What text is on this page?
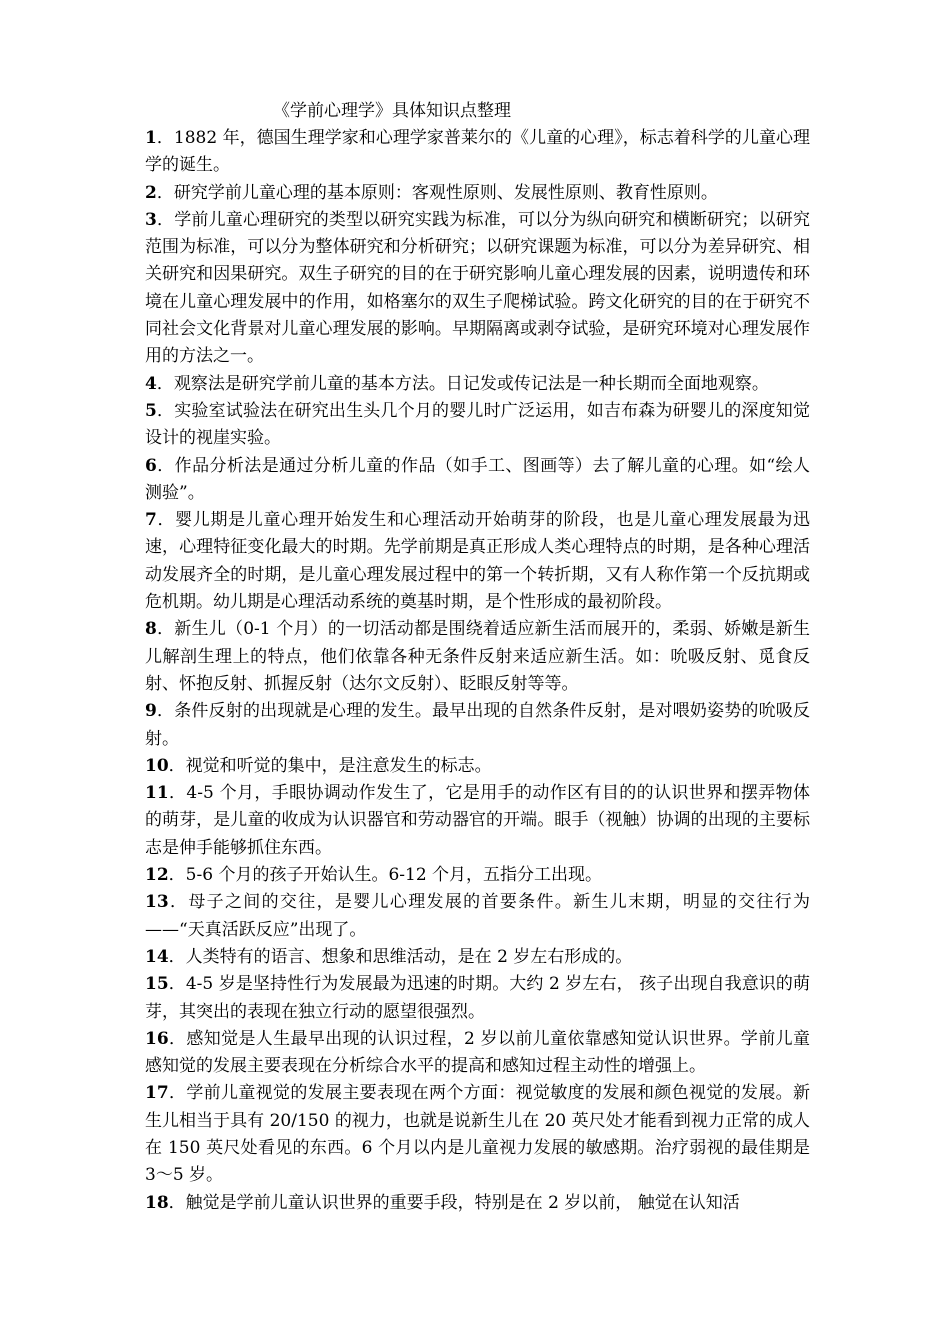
《学前心理学》具体知识点整理

1．1882 年，德国生理学家和心理学家普莱尔的《儿童的心理》，标志着科学的儿童心理学的诞生。

2．研究学前儿童心理的基本原则：客观性原则、发展性原则、教育性原则。

3．学前儿童心理研究的类型以研究实践为标准，可以分为纵向研究和横断研究；以研究范围为标准，可以分为整体研究和分析研究；以研究课题为标准，可以分为差异研究、相关研究和因果研究。双生子研究的目的在于研究影响儿童心理发展的因素，说明遗传和环境在儿童心理发展中的作用，如格塞尔的双生子爬梯试验。跨文化研究的目的在于研究不同社会文化背景对儿童心理发展的影响。早期隔离或剥夺试验，是研究环境对心理发展作用的方法之一。

4．观察法是研究学前儿童的基本方法。日记发或传记法是一种长期而全面地观察。

5．实验室试验法在研究出生头几个月的婴儿时广泛运用，如吉布森为研婴儿的深度知觉设计的视崖实验。

6．作品分析法是通过分析儿童的作品（如手工、图画等）去了解儿童的心理。如“绘人测验”。

7．婴儿期是儿童心理开始发生和心理活动开始萌芽的阶段，也是儿童心理发展最为迅速，心理特征变化最大的时期。先学前期是真正形成人类心理特点的时期，是各种心理活动发展齐全的时期，是儿童心理发展过程中的第一个转折期，又有人称作第一个反抗期或危机期。幼儿期是心理活动系统的奠基时期，是个性形成的最初阶段。

8．新生儿（0-1 个月）的一切活动都是围绕着适应新生活而展开的，柔弱、娇嫩是新生儿解剖生理上的特点，他们依靠各种无条件反射来适应新生活。如：吮吸反射、觅食反射、怀抱反射、抓握反射（达尔文反射）、眨眼反射等等。

9．条件反射的出现就是心理的发生。最早出现的自然条件反射，是对喂奶姿势的吮吸反射。

10．视觉和听觉的集中，是注意发生的标志。

11．4-5 个月，手眼协调动作发生了，它是用手的动作区有目的的认识世界和摆弄物体的萌芽，是儿童的收成为认识器官和劳动器官的开端。眼手（视触）协调的出现的主要标志是伸手能够抓住东西。

12．5-6 个月的孩子开始认生。6-12 个月，五指分工出现。

13．母子之间的交往，是婴儿心理发展的首要条件。新生儿末期，明显的交往行为——“天真活跃反应”出现了。

14．人类特有的语言、想象和思维活动，是在 2 岁左右形成的。

15．4-5 岁是坚持性行为发展最为迅速的时期。大约 2 岁左右， 孩子出现自我意识的萌芽，其突出的表现在独立行动的愿望很强烈。

16．感知觉是人生最早出现的认识过程，2 岁以前儿童依靠感知觉认识世界。学前儿童感知觉的发展主要表现在分析综合水平的提高和感知过程主动性的增强上。

17．学前儿童视觉的发展主要表现在两个方面：视觉敏度的发展和颜色视觉的发展。新生儿相当于具有 20/150 的视力，也就是说新生儿在 20 英尺处才能看到视力正常的成人在 150 英尺处看见的东西。6 个月以内是儿童视力发展的敏感期。治疗弱视的最佳期是 3～5 岁。

18．触觉是学前儿童认识世界的重要手段，特别是在 2 岁以前， 触觉在认知活
